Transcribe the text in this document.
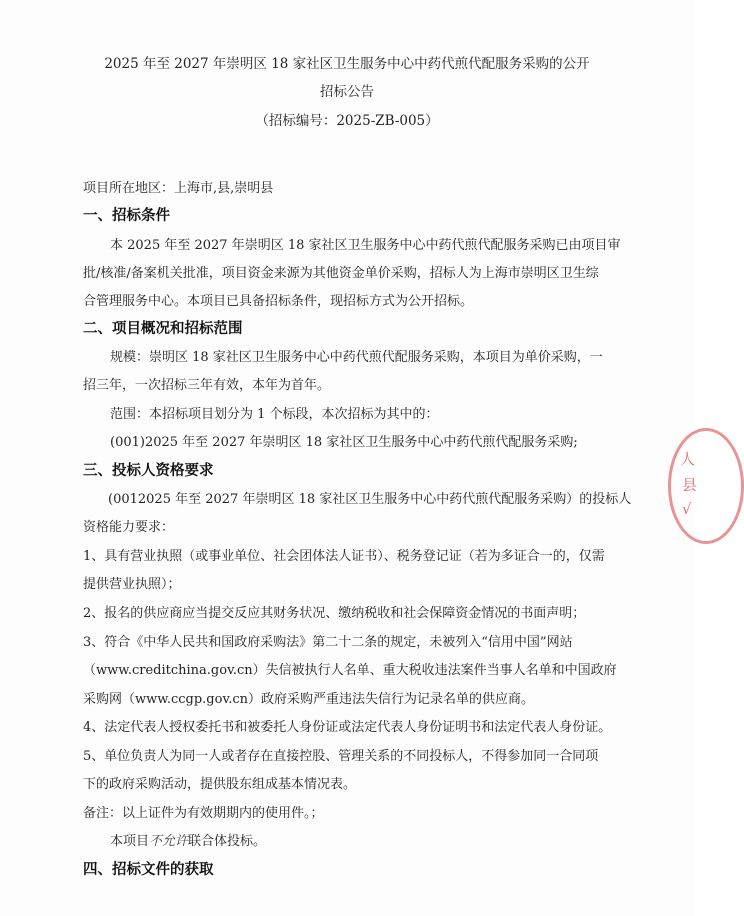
2025 年至 2027 年崇明区 18 家社区卫生服务中心中药代煎代配服务采购的公开
招标公告
（招标编号：2025-ZB-005）
项目所在地区：上海市,县,崇明县
一、招标条件
本 2025 年至 2027 年崇明区 18 家社区卫生服务中心中药代煎代配服务采购已由项目审
批/核准/备案机关批准，项目资金来源为其他资金单价采购，招标人为上海市崇明区卫生综
合管理服务中心。本项目已具备招标条件，现招标方式为公开招标。
二、项目概况和招标范围
规模：崇明区 18 家社区卫生服务中心中药代煎代配服务采购，本项目为单价采购，一
招三年，一次招标三年有效，本年为首年。
范围：本招标项目划分为 1 个标段，本次招标为其中的：
(001)2025 年至 2027 年崇明区 18 家社区卫生服务中心中药代煎代配服务采购;
三、投标人资格要求
(0012025 年至 2027 年崇明区 18 家社区卫生服务中心中药代煎代配服务采购）的投标人
资格能力要求：
1、具有营业执照（或事业单位、社会团体法人证书）、税务登记证（若为多证合一的，仅需
提供营业执照）；
2、报名的供应商应当提交反应其财务状况、缴纳税收和社会保障资金情况的书面声明；
3、符合《中华人民共和国政府采购法》第二十二条的规定，未被列入“信用中国”网站
（www.creditchina.gov.cn）失信被执行人名单、重大税收违法案件当事人名单和中国政府
采购网（www.ccgp.gov.cn）政府采购严重违法失信行为记录名单的供应商。
4、法定代表人授权委托书和被委托人身份证或法定代表人身份证明书和法定代表人身份证。
5、单位负责人为同一人或者存在直接控股、管理关系的不同投标人，不得参加同一合同项
下的政府采购活动，提供股东组成基本情况表。
备注：以上证件为有效期期内的使用件。；
本项目不允许联合体投标。
四、招标文件的获取
人
县
√
